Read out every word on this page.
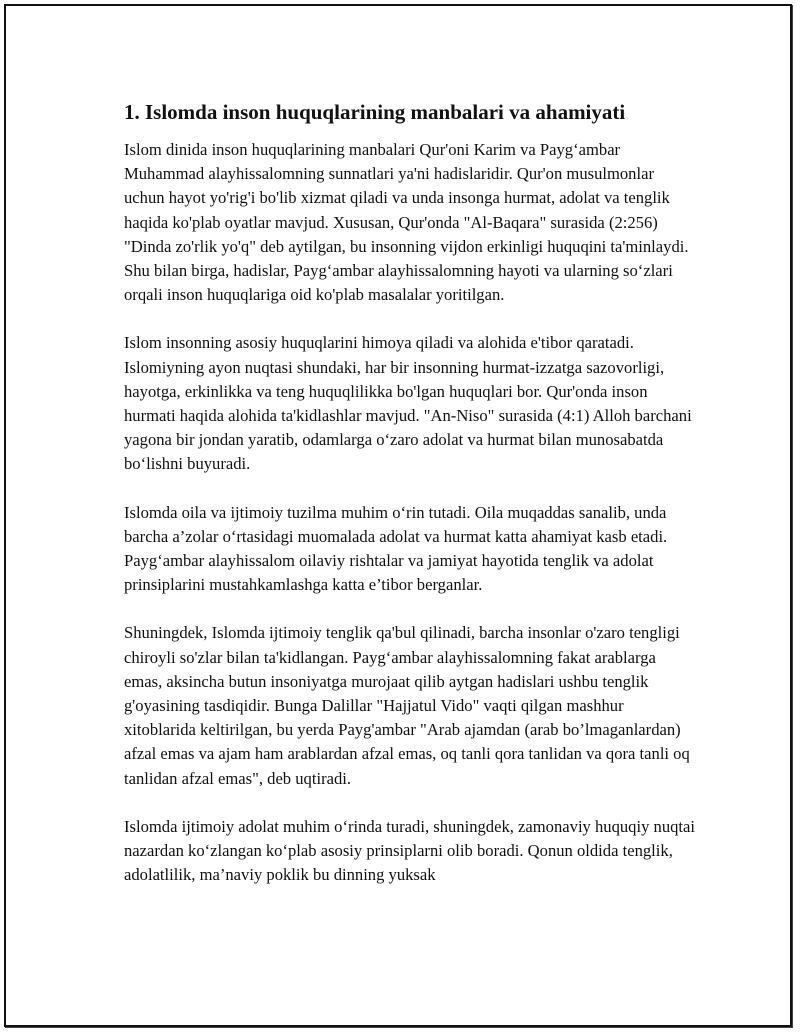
1. Islomda inson huquqlarining manbalari va ahamiyati

Islom dinida inson huquqlarining manbalari Qur'oni Karim va Payg‘ambar Muhammad alayhissalomning sunnatlari ya'ni hadislaridir. Qur'on musulmonlar uchun hayot yo'rig'i bo'lib xizmat qiladi va unda insonga hurmat, adolat va tenglik haqida ko'plab oyatlar mavjud. Xususan, Qur'onda "Al-Baqara" surasida (2:256) "Dinda zo'rlik yo'q" deb aytilgan, bu insonning vijdon erkinligi huquqini ta'minlaydi. Shu bilan birga, hadislar, Payg‘ambar alayhissalomning hayoti va ularning so‘zlari orqali inson huquqlariga oid ko'plab masalalar yoritilgan.

Islom insonning asosiy huquqlarini himoya qiladi va alohida e'tibor qaratadi. Islomiyning ayon nuqtasi shundaki, har bir insonning hurmat-izzatga sazovorligi, hayotga, erkinlikka va teng huquqlilikka bo'lgan huquqlari bor. Qur'onda inson hurmati haqida alohida ta'kidlashlar mavjud. "An-Niso" surasida (4:1) Alloh barchani yagona bir jondan yaratib, odamlarga o‘zaro adolat va hurmat bilan munosabatda bo‘lishni buyuradi.

Islomda oila va ijtimoiy tuzilma muhim o‘rin tutadi. Oila muqaddas sanalib, unda barcha a’zolar o‘rtasidagi muomalada adolat va hurmat katta ahamiyat kasb etadi. Payg‘ambar alayhissalom oilaviy rishtalar va jamiyat hayotida tenglik va adolat prinsiplarini mustahkamlashga katta e’tibor berganlar.

Shuningdek, Islomda ijtimoiy tenglik qa'bul qilinadi, barcha insonlar o'zaro tengligi chiroyli so'zlar bilan ta'kidlangan. Payg‘ambar alayhissalomning fakat arablarga emas, aksincha butun insoniyatga murojaat qilib aytgan hadislari ushbu tenglik g'oyasining tasdiqidir. Bunga Dalillar "Hajjatul Vido" vaqti qilgan mashhur xitoblarida keltirilgan, bu yerda Payg'ambar "Arab ajamdan (arab bo’lmaganlardan) afzal emas va ajam ham arablardan afzal emas, oq tanli qora tanlidan va qora tanli oq tanlidan afzal emas", deb uqtiradi.

Islomda ijtimoiy adolat muhim o‘rinda turadi, shuningdek, zamonaviy huquqiy nuqtai nazardan ko‘zlangan ko‘plab asosiy prinsiplarni olib boradi. Qonun oldida tenglik, adolatlilik, ma’naviy poklik bu dinning yuksak
